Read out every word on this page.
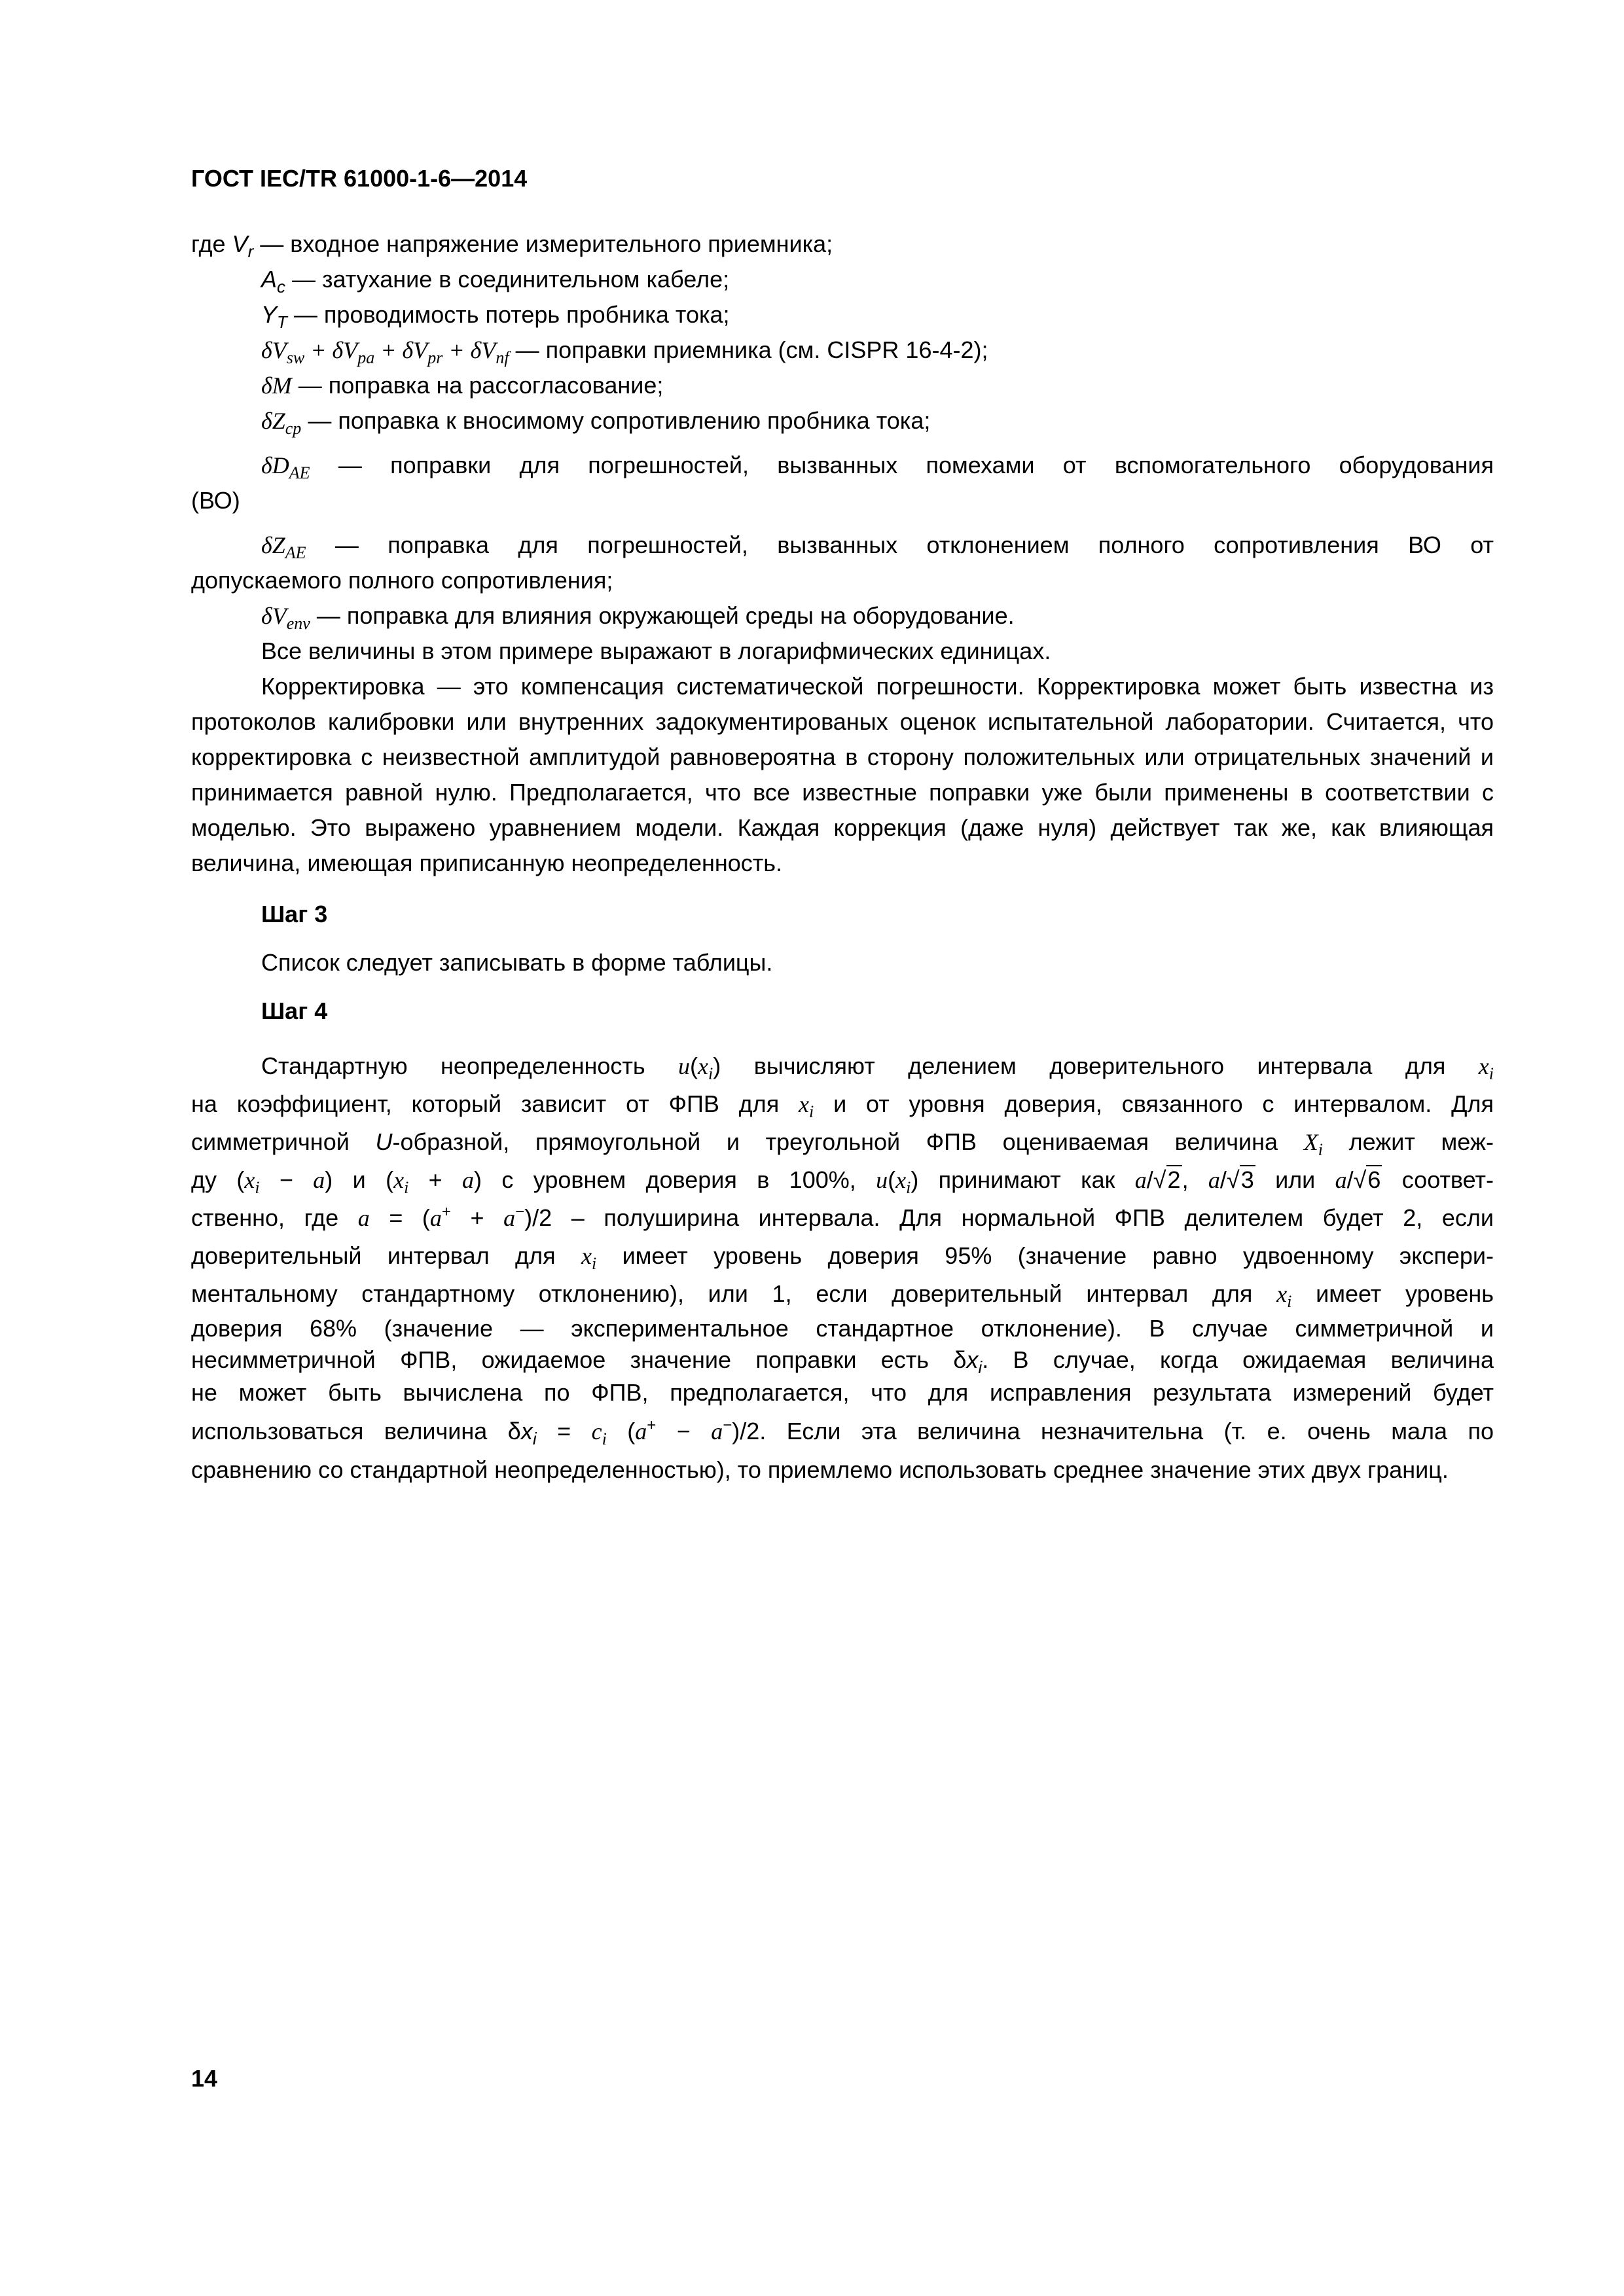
ГОСТ IEC/TR 61000-1-6—2014
где $V_r$ — входное напряжение измерительного приемника;
$A_c$ — затухание в соединительном кабеле;
$Y_T$ — проводимость потерь пробника тока;
$\delta V_{sw} + \delta V_{pa} + \delta V_{pr} + \delta V_{nf}$ — поправки приемника (см. CISPR 16-4-2);
δM — поправка на рассогласование;
$\delta Z_{cp}$ — поправка к вносимому сопротивлению пробника тока;
$\delta D_{AE}$ — поправки для погрешностей, вызванных помехами от вспомогательного оборудования
(ВО)
$\delta Z_{AE}$ — поправка для погрешностей, вызванных отклонением полного сопротивления ВО от
допускаемого полного сопротивления;
$\delta V_{env}$ — поправка для влияния окружающей среды на оборудование.
Все величины в этом примере выражают в логарифмических единицах.

Корректировка — это компенсация систематической погрешности. Корректировка может быть известна из протоколов калибровки или внутренних задокументированых оценок испытательной лаборатории. Считается, что корректировка с неизвестной амплитудой равновероятна в сторону положительных или отрицательных значений и принимается равной нулю. Предполагается, что все известные поправки уже были применены в соответствии с моделью. Это выражено уравнением модели. Каждая коррекция (даже нуля) действует так же, как влияющая величина, имеющая приписанную неопределенность.

Шаг 3
Список следует записывать в форме таблицы.
Шаг 4
Стандартную неопределенность $u(x_i)$ вычисляют делением доверительного интервала для $x_i$
на коэффициент, который зависит от ФПВ для $x_i$ и от уровня доверия, связанного с интервалом. Для
симметричной U-образной, прямоугольной и треугольной ФПВ оцениваемая величина $X_i$ лежит меж-
ду $(x_i - a)$ и $(x_i + a)$ с уровнем доверия в 100%, $u(x_i)$ принимают как a/√2, a/√3 или a/√6 соответ-
ственно, где a = (a+ + a−)/2 – полуширина интервала. Для нормальной ФПВ делителем будет 2, если
доверительный интервал для $x_i$ имеет уровень доверия 95% (значение равно удвоенному экспери-
ментальному стандартному отклонению), или 1, если доверительный интервал для $x_i$ имеет уровень
доверия 68% (значение — экспериментальное стандартное отклонение). В случае симметричной и
несимметричной ФПВ, ожидаемое значение поправки есть $\delta x_i$. В случае, когда ожидаемая величина
не может быть вычислена по ФПВ, предполагается, что для исправления результата измерений будет
использоваться величина $\delta x_i = c_i$ (a+ − a−)/2. Если эта величина незначительна (т. е. очень мала по
сравнению со стандартной неопределенностью), то приемлемо использовать среднее значение этих двух границ.
14
